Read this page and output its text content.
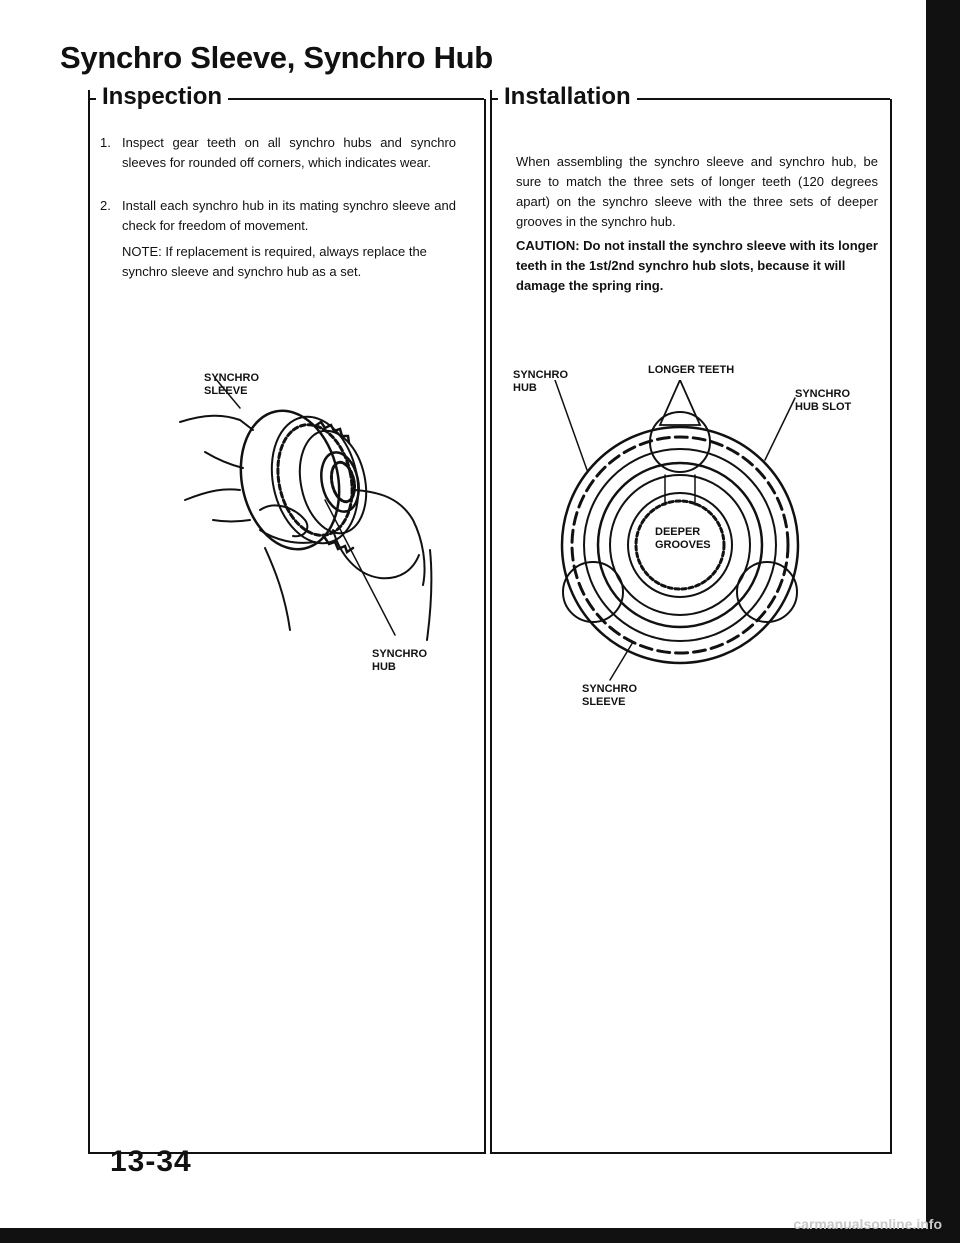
Synchro Sleeve, Synchro Hub
Inspection
1. Inspect gear teeth on all synchro hubs and synchro sleeves for rounded off corners, which indicates wear.
2. Install each synchro hub in its mating synchro sleeve and check for freedom of movement.
NOTE: If replacement is required, always replace the synchro sleeve and synchro hub as a set.
SYNCHRO
SLEEVE
SYNCHRO
HUB
Installation
When assembling the synchro sleeve and synchro hub, be sure to match the three sets of longer teeth (120 degrees apart) on the synchro sleeve with the three sets of deeper grooves in the synchro hub.
CAUTION: Do not install the synchro sleeve with its longer teeth in the 1st/2nd synchro hub slots, because it will damage the spring ring.
SYNCHRO
HUB
LONGER TEETH
SYNCHRO
HUB SLOT
DEEPER
GROOVES
SYNCHRO
SLEEVE
13-34
carmanualsonline.info
